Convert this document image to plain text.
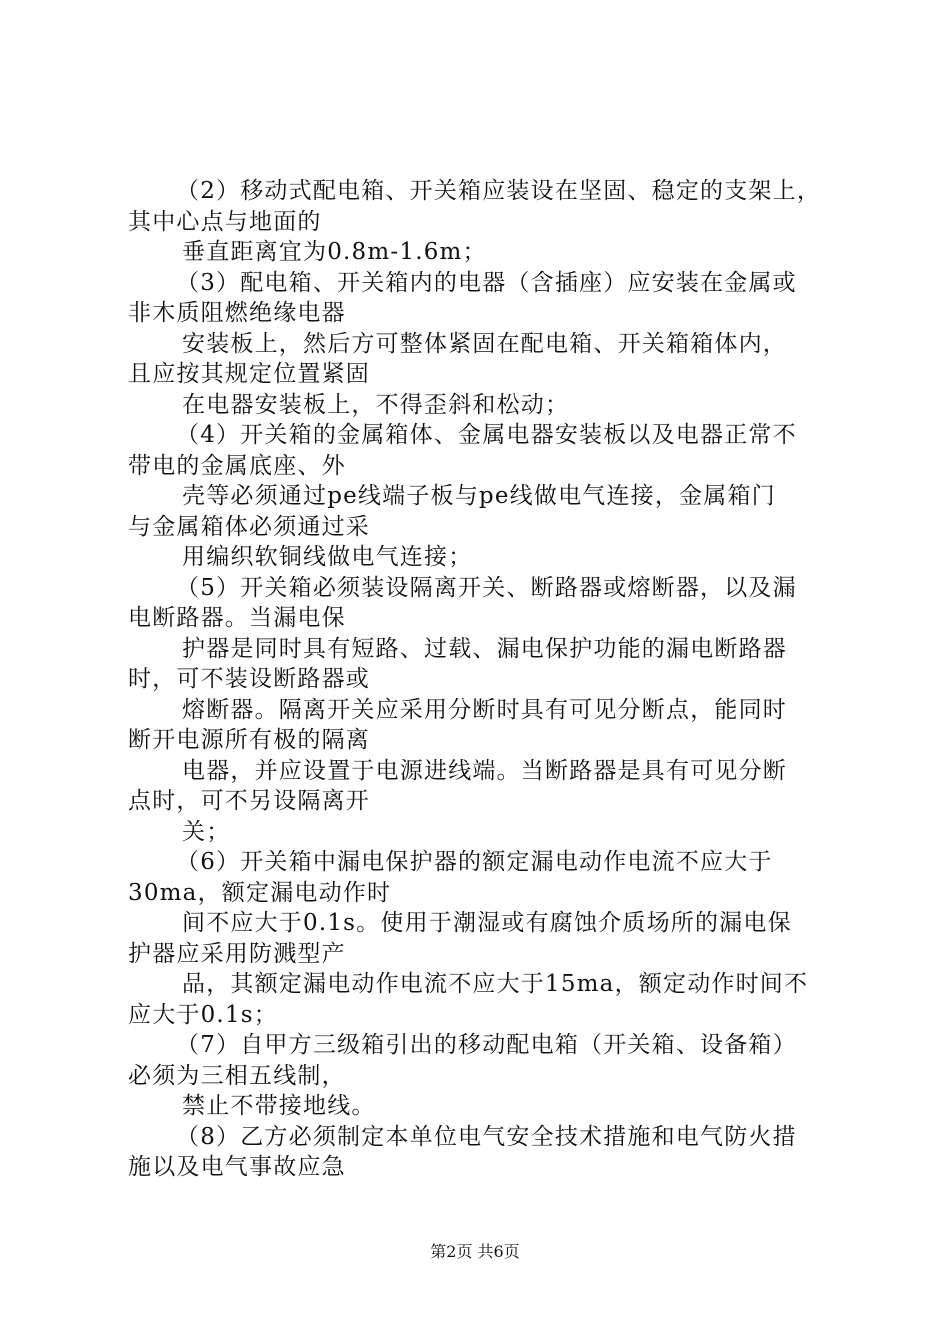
（2）移动式配电箱、开关箱应装设在坚固、稳定的支架上，
其中心点与地面的
垂直距离宜为0.8m-1.6m；
（3）配电箱、开关箱内的电器（含插座）应安装在金属或
非木质阻燃绝缘电器
安装板上，然后方可整体紧固在配电箱、开关箱箱体内，
且应按其规定位置紧固
在电器安装板上，不得歪斜和松动；
（4）开关箱的金属箱体、金属电器安装板以及电器正常不
带电的金属底座、外
壳等必须通过pe线端子板与pe线做电气连接，金属箱门
与金属箱体必须通过采
用编织软铜线做电气连接；
（5）开关箱必须装设隔离开关、断路器或熔断器，以及漏
电断路器。当漏电保
护器是同时具有短路、过载、漏电保护功能的漏电断路器
时，可不装设断路器或
熔断器。隔离开关应采用分断时具有可见分断点，能同时
断开电源所有极的隔离
电器，并应设置于电源进线端。当断路器是具有可见分断
点时，可不另设隔离开
关；
（6）开关箱中漏电保护器的额定漏电动作电流不应大于
30ma，额定漏电动作时
间不应大于0.1s。使用于潮湿或有腐蚀介质场所的漏电保
护器应采用防溅型产
品，其额定漏电动作电流不应大于15ma，额定动作时间不
应大于0.1s；
（7）自甲方三级箱引出的移动配电箱（开关箱、设备箱）
必须为三相五线制，
禁止不带接地线。
（8）乙方必须制定本单位电气安全技术措施和电气防火措
施以及电气事故应急
第2页 共6页
